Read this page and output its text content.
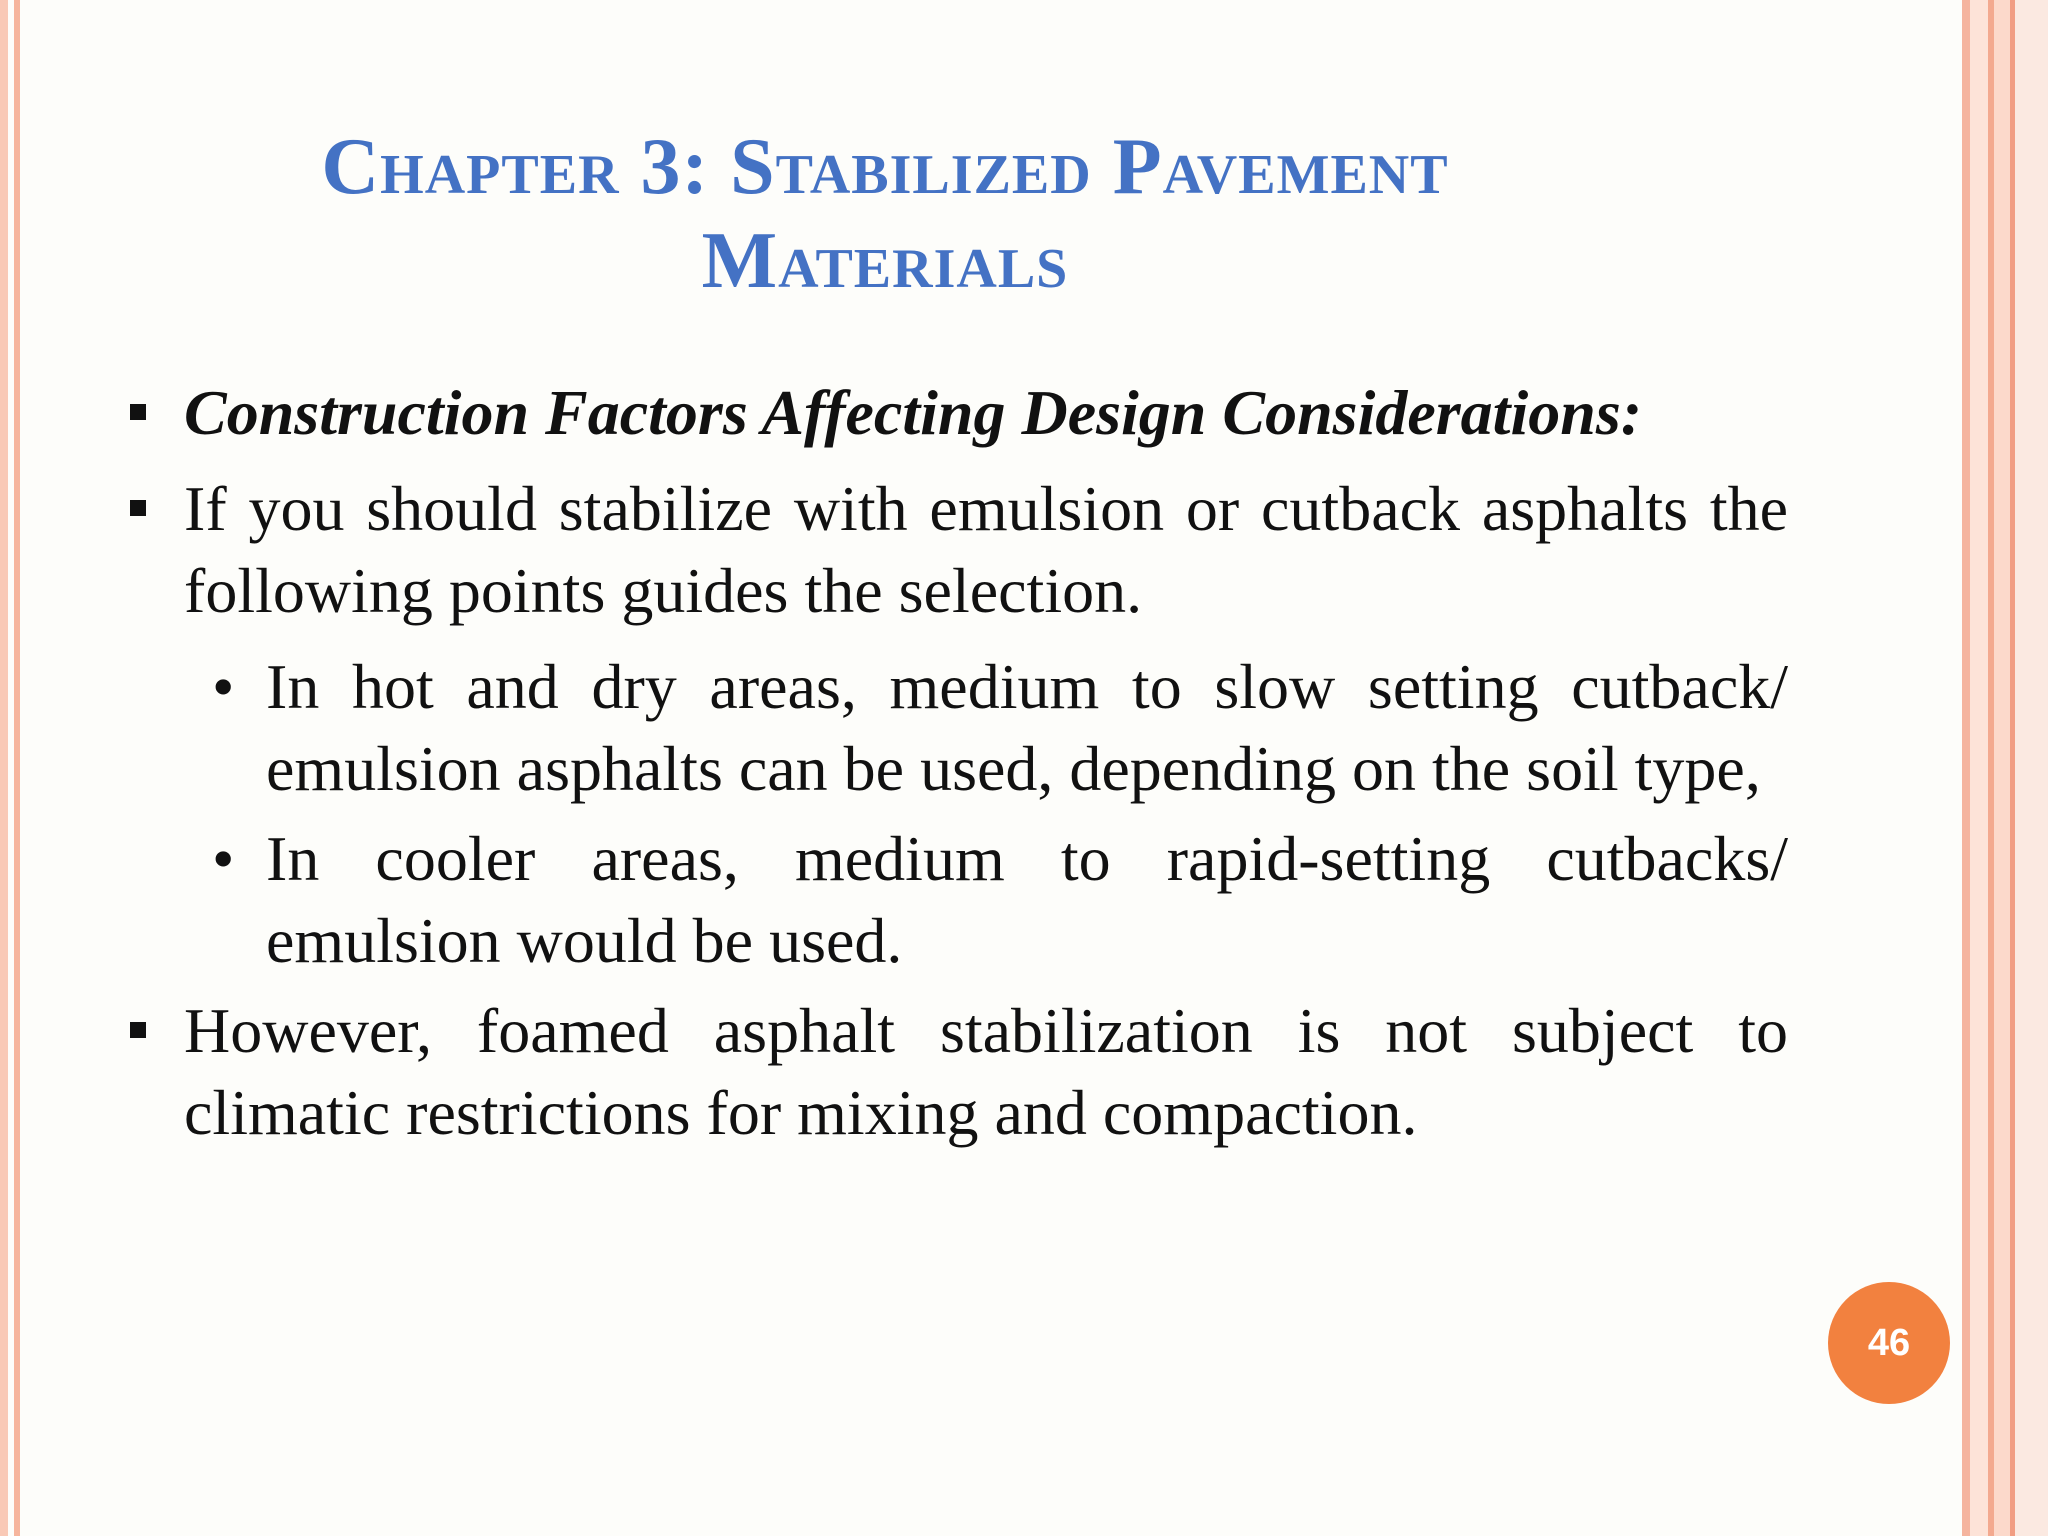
Chapter 3: Stabilized Pavement
Materials
Construction Factors Affecting Design Considerations:
If you should stabilize with emulsion or cutback asphalts the following points guides the selection.
• In hot and dry areas, medium to slow setting cutback/ emulsion asphalts can be used, depending on the soil type,
• In cooler areas, medium to rapid-setting cutbacks/ emulsion would be used.
However, foamed asphalt stabilization is not subject to climatic restrictions for mixing and compaction.
46
